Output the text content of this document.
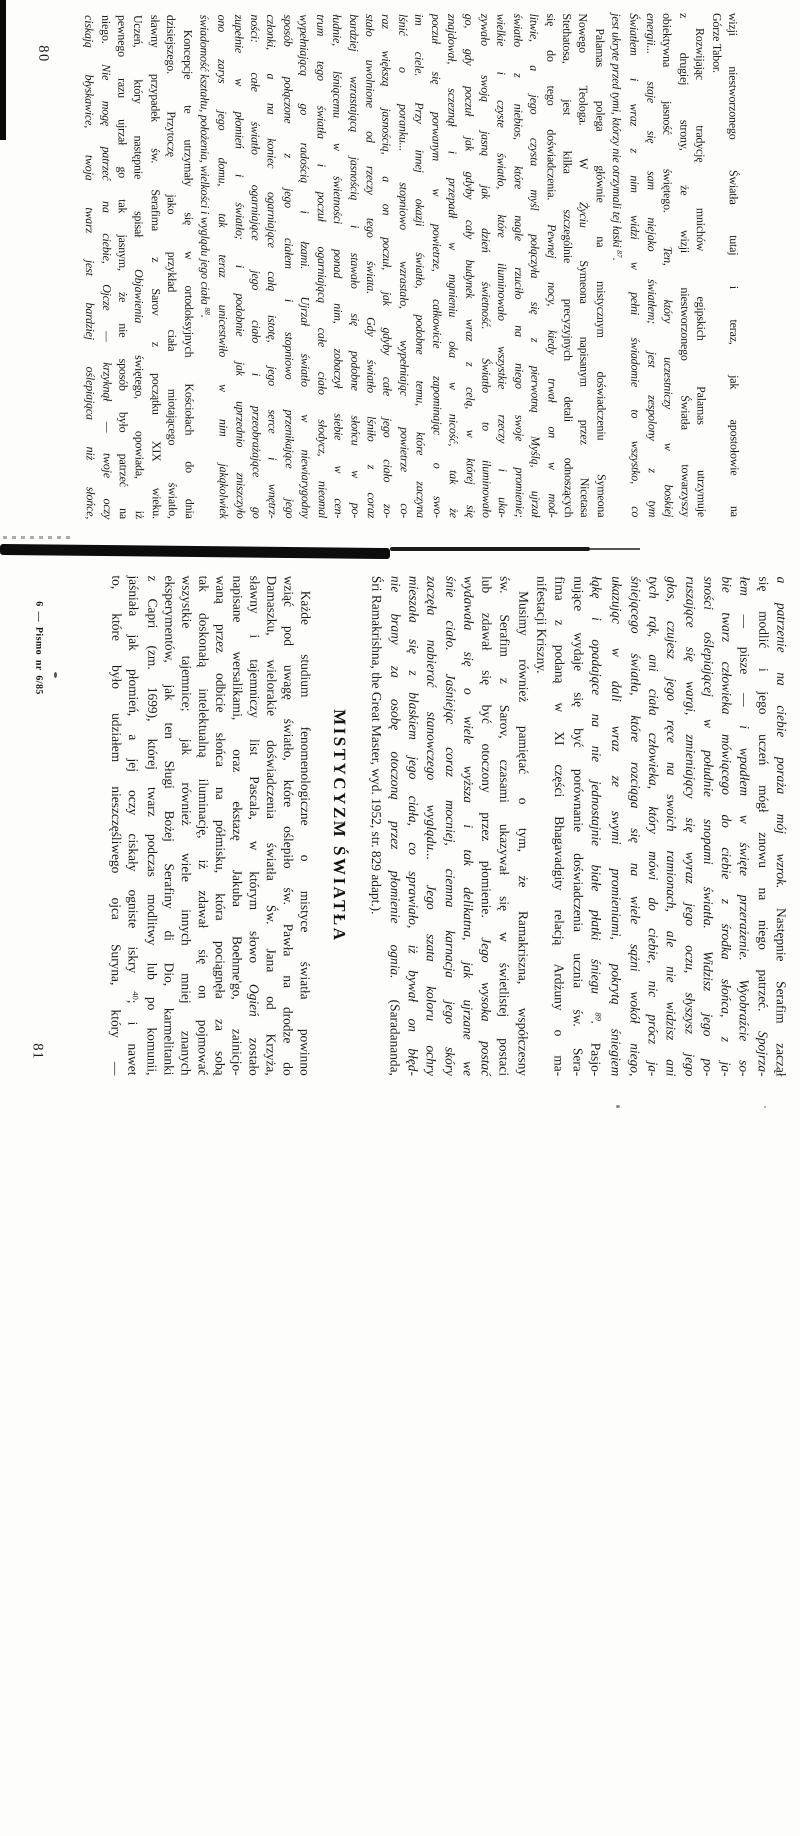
wizji niestworzonego Światła tutaj i teraz, jak apostołowie na
Górze Tabor.
Rozwijając tradycję mnichów egipskich Palamas utrzymuje
z drugiej strony, że wizji niestworzonego Światła towarzyszy
obiektywna jasność świętego. Ten, który uczestniczy w boskiej
energii... staje się sam niejako światłem; jest zespolony z tym
Światłem i wraz z nim widzi w pełni świadomie to wszystko, co
jest ukryte przed tymi, którzy nie otrzymali tej łaski $^{87}$.
Palamas polega głównie na mistycznym doświadczeniu Symeona
Nowego Teologa. W Życiu Symeona napisanym przez Nicetasa
Stethatosa, jest kilka szczególnie precyzyjnych detali odnoszących
się do tego doświadczenia. Pewnej nocy, kiedy trwał on w mod-
litwie, a jego czysta myśl połączyła się z pierwotną Myślą, ujrzał
światło z niebios, które nagle rzuciło na niego swoje promienie;
wielkie i czyste światło, które iluminowało wszystkie rzeczy i uka-
zywało swoją jasną jak dzień świetność. Światło to iluminowało
go, gdy poczuł jak gdyby cały budynek wraz z celą, w której się
znajdował, sczeznął i przepadł w mgnieniu oka w nicość, tak że
poczuł się porwanym w powietrze, całkowicie zapominając o swo-
im ciele. Przy innej okazji światło, podobne temu, które zaczyna
lśnić o poranku... stopniowo wzrastało, wypełniając powietrze co-
raz większą jasnością, a on poczuł, jak gdyby całe jego ciało zo-
stało uwolnione od rzeczy tego świata. Gdy światło lśniło z coraz
bardziej wzrastającą jasnością i stawało się podobne słońcu w po-
łudnie, lśniącemu w świetności ponad nim, zobaczył siebie w cen-
trum tego światła i poczuł ogarniającą całe ciało słodycz, nieomal
wypełniającą go radością i łzami. Ujrzał światło w niewiarygodny
sposób połączone z jego ciałem i stopniowo przenikające jego
członki, a na koniec ogarniające całą istotę, jego serce i wnętrz-
ności: całe światło ogarniające jego ciało i przeobrażające go
zupełnie w płomień i światło; i podobnie jak uprzednio zniszczyło
ono zarys jego domu, tak teraz unicestwiło w nim jakąkolwiek
świadomość kształtu, położenia, wielkości i wyglądu jego ciała $^{88}$.
Koncepcje te utrzymały się w ortodoksyjnych Kościołach do dnia
dzisiejszego. Przytoczę jako przykład ciała miotającego światło,
sławny przypadek św. Serafima z Sarov z początku XIX wieku.
Uczeń, który następnie spisał Objawienia świętego, opowiada, iż
pewnego razu ujrzał go tak jasnym, że nie sposób było patrzeć na
niego. Nie mogę patrzeć na ciebie, Ojcze — krzyknął — twoje oczy
ciskają błyskawice, twoja twarz jest bardziej oślepiająca niż słońce,
80
a patrzenie na ciebie poraża mój wzrok. Następnie Serafim zaczął
się modlić i jego uczeń mógł znowu na niego patrzeć. Spojrza-
łem — pisze — i wpadłem w święte przerażenie. Wyobraźcie so-
bie twarz człowieka mówiącego do ciebie z środka słońca, z ja-
sności oślepiającej w południe snopami światła. Widzisz jego po-
ruszające się wargi, zmieniający się wyraz jego oczu, słyszysz jego
głos, czujesz jego ręce na swoich ramionach, ale nie widzisz ani
tych rąk, ani ciała człowieka, który mówi do ciebie, nic prócz ja-
śniejącego światła, które rozciąga się na wiele sążni wokół niego,
ukazując w dali wraz ze swymi promieniami, pokrytą śniegiem
łąkę i opadające na nie jednostajnie białe płatki śniegu $^{89}$. Pasjo-
nujące wydaje się być porównanie doświadczenia ucznia św. Sera-
fima z podaną w XI części Bhagavadgity relacją Ardżuny o ma-
nifestacji Kriszny.
Musimy również pamiętać o tym, że Ramakriszna, współczesny
św. Serafim z Sarov, czasami ukazywał się w świetlistej postaci
lub zdawał się być otoczony przez płomienie. Jego wysoka postać
wydawała się o wiele wyższa i tak delikatna, jak ujrzane we
śnie ciało. Jaśniejąc coraz mocniej, ciemna karnacja jego skóry
zaczęła nabierać stanowczego wyglądu... Jego szata koloru ochry
mieszała się z blaskiem jego ciała, co sprawiało, iż bywał on błęd-
nie brany za osobę otoczoną przez płomienie ognia. (Saradananda,
Śri Ramakrishna, the Great Master, wyd. 1952, str. 829 adapt.).
MISTYCYZM ŚWIATŁA
Każde studium fenomenologiczne o mistyce światła powinno
wziąć pod uwagę światło, które oślepiło św. Pawła na drodze do
Damaszku, wielorakie doświadczenia światła Św. Jana od Krzyża,
sławny i tajemniczy list Pascala, w którym słowo Ogień zostało
napisane wersalikami, oraz ekstazę Jakuba Boehme'go, zainicjo-
waną przez odbicie słońca na półmisku, która pociągnęła za sobą
tak doskonałą intelektualną iluminację, iż zdawał się on pojmować
wszystkie tajemnice; jak również wiele innych mniej znanych
eksperymentów, jak ten Sługi Bożej Serafiny di Dio, karmelitanki
z Capri (zm. 1699), której twarz podczas modlitwy lub po komunii,
jaśniała jak płomień, a jej oczy ciskały ogniste iskry $^{40}$; i nawet
to, które było udziałem nieszczęśliwego ojca Suryna, który —
6 — Pismo nr 6/85
81
